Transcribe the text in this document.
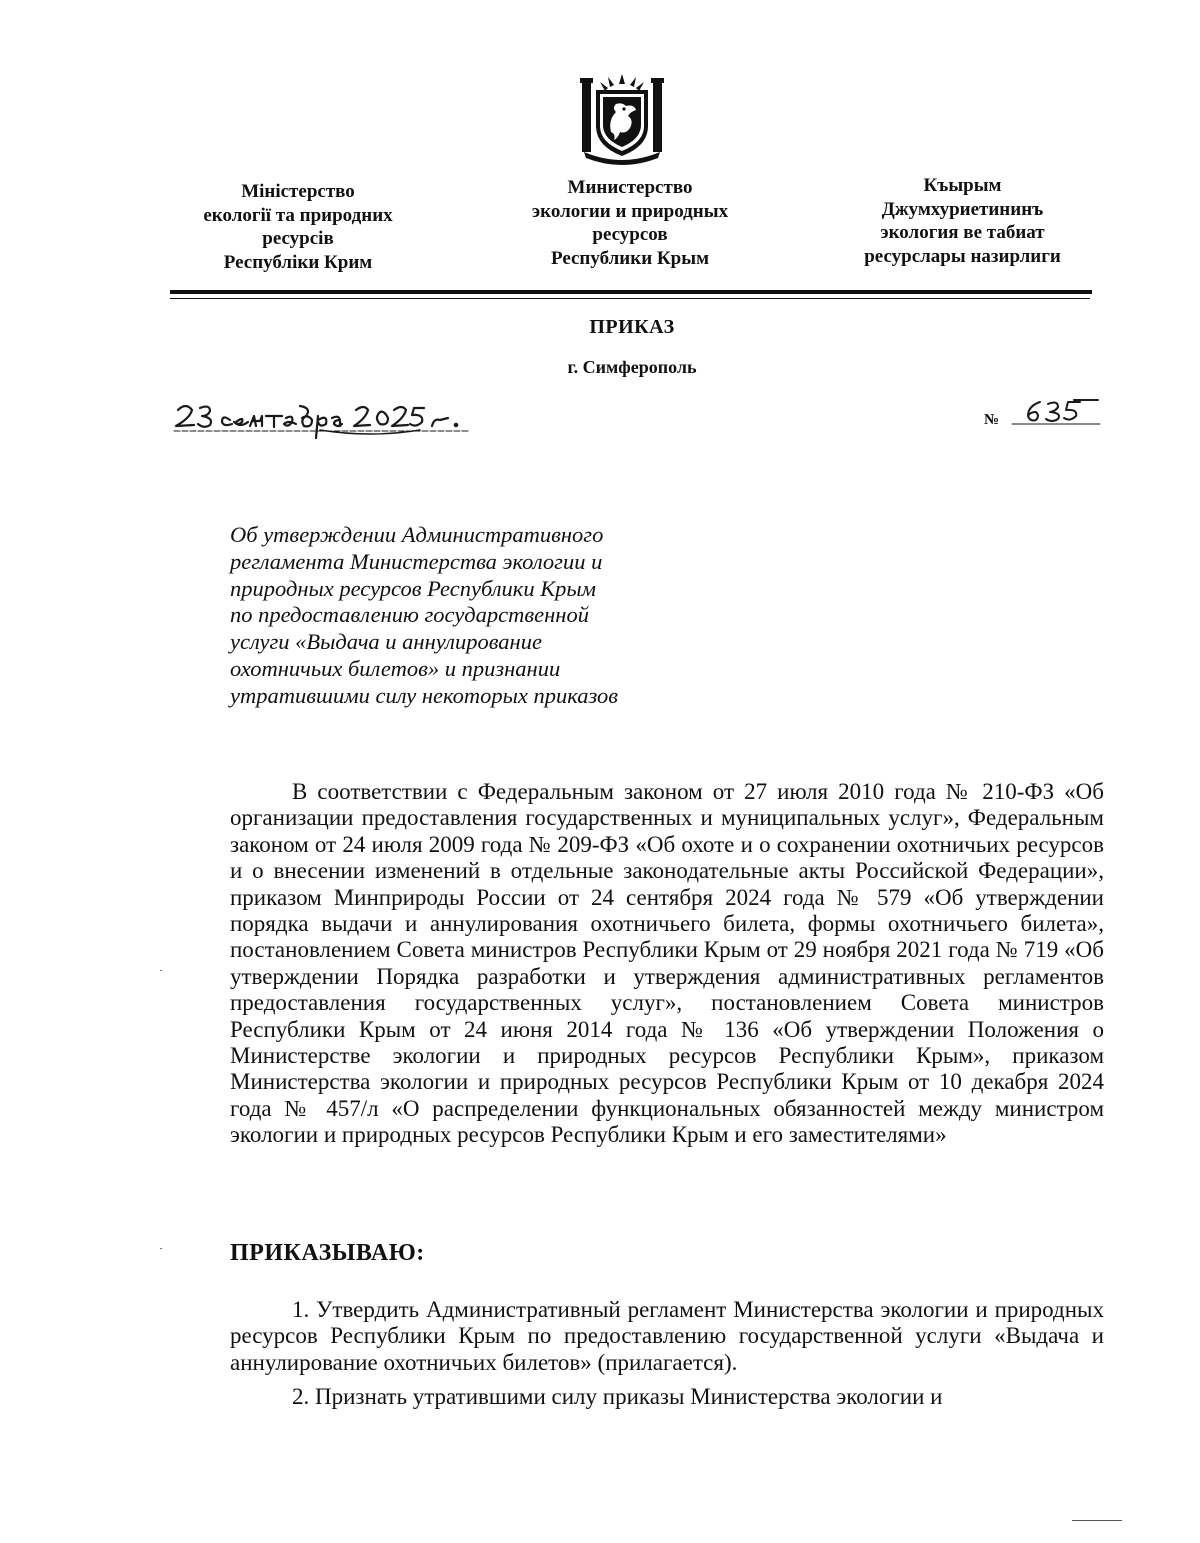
Міністерство
екології та природних
ресурсів
Республіки Крим
Министерство
экологии и природных
ресурсов
Республики Крым
Къырым
Джумхуриетининъ
экология ве табиат
ресурслары назирлиги
ПРИКАЗ
г. Симферополь
№
Об утверждении Административного
регламента Министерства экологии и
природных ресурсов Республики Крым
по предоставлению государственной
услуги «Выдача и аннулирование
охотничьих билетов» и признании
утратившими силу некоторых приказов
В соответствии с Федеральным законом от 27 июля 2010 года № 210-ФЗ «Об организации предоставления государственных и муниципальных услуг», Федеральным законом от 24 июля 2009 года № 209-ФЗ «Об охоте и о сохранении охотничьих ресурсов и о внесении изменений в отдельные законодательные акты Российской Федерации», приказом Минприроды России от 24 сентября 2024 года № 579 «Об утверждении порядка выдачи и аннулирования охотничьего билета, формы охотничьего билета», постановлением Совета министров Республики Крым от 29 ноября 2021 года № 719 «Об утверждении Порядка разработки и утверждения административных регламентов предоставления государственных услуг», постановлением Совета министров Республики Крым от 24 июня 2014 года № 136 «Об утверждении Положения о Министерстве экологии и природных ресурсов Республики Крым», приказом Министерства экологии и природных ресурсов Республики Крым от 10 декабря 2024 года № 457/л «О распределении функциональных обязанностей между министром экологии и природных ресурсов Республики Крым и его заместителями»
ПРИКАЗЫВАЮ:
1. Утвердить Административный регламент Министерства экологии и природных ресурсов Республики Крым по предоставлению государственной услуги «Выдача и аннулирование охотничьих билетов» (прилагается).
2. Признать утратившими силу приказы Министерства экологии и
